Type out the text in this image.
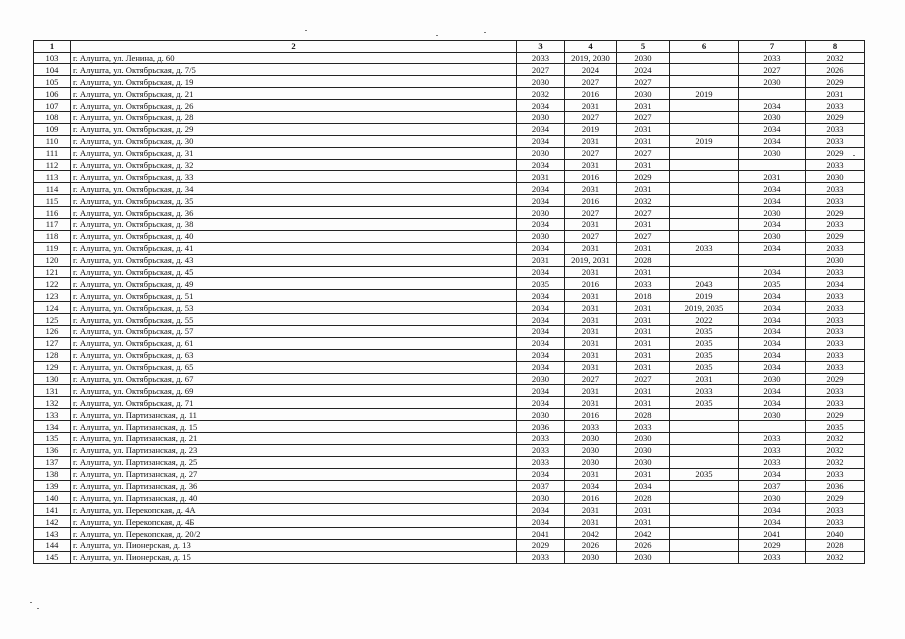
1	2	3	4	5	6	7	8
103	г. Алушта, ул. Ленина, д. 60	2033	2019, 2030	2030		2033	2032
104	г. Алушта, ул. Октябрьская, д. 7/5	2027	2024	2024		2027	2026
105	г. Алушта, ул. Октябрьская, д. 19	2030	2027	2027		2030	2029
106	г. Алушта, ул. Октябрьская, д. 21	2032	2016	2030	2019		2031
107	г. Алушта, ул. Октябрьская, д. 26	2034	2031	2031		2034	2033
108	г. Алушта, ул. Октябрьская, д. 28	2030	2027	2027		2030	2029
109	г. Алушта, ул. Октябрьская, д. 29	2034	2019	2031		2034	2033
110	г. Алушта, ул. Октябрьская, д. 30	2034	2031	2031	2019	2034	2033
111	г. Алушта, ул. Октябрьская, д. 31	2030	2027	2027		2030	2029
112	г. Алушта, ул. Октябрьская, д. 32	2034	2031	2031			2033
113	г. Алушта, ул. Октябрьская, д. 33	2031	2016	2029		2031	2030
114	г. Алушта, ул. Октябрьская, д. 34	2034	2031	2031		2034	2033
115	г. Алушта, ул. Октябрьская, д. 35	2034	2016	2032		2034	2033
116	г. Алушта, ул. Октябрьская, д. 36	2030	2027	2027		2030	2029
117	г. Алушта, ул. Октябрьская, д. 38	2034	2031	2031		2034	2033
118	г. Алушта, ул. Октябрьская, д. 40	2030	2027	2027		2030	2029
119	г. Алушта, ул. Октябрьская, д. 41	2034	2031	2031	2033	2034	2033
120	г. Алушта, ул. Октябрьская, д. 43	2031	2019, 2031	2028			2030
121	г. Алушта, ул. Октябрьская, д. 45	2034	2031	2031		2034	2033
122	г. Алушта, ул. Октябрьская, д. 49	2035	2016	2033	2043	2035	2034
123	г. Алушта, ул. Октябрьская, д. 51	2034	2031	2018	2019	2034	2033
124	г. Алушта, ул. Октябрьская, д. 53	2034	2031	2031	2019, 2035	2034	2033
125	г. Алушта, ул. Октябрьская, д. 55	2034	2031	2031	2022	2034	2033
126	г. Алушта, ул. Октябрьская, д. 57	2034	2031	2031	2035	2034	2033
127	г. Алушта, ул. Октябрьская, д. 61	2034	2031	2031	2035	2034	2033
128	г. Алушта, ул. Октябрьская, д. 63	2034	2031	2031	2035	2034	2033
129	г. Алушта, ул. Октябрьская, д. 65	2034	2031	2031	2035	2034	2033
130	г. Алушта, ул. Октябрьская, д. 67	2030	2027	2027	2031	2030	2029
131	г. Алушта, ул. Октябрьская, д. 69	2034	2031	2031	2033	2034	2033
132	г. Алушта, ул. Октябрьская, д. 71	2034	2031	2031	2035	2034	2033
133	г. Алушта, ул. Партизанская, д. 11	2030	2016	2028		2030	2029
134	г. Алушта, ул. Партизанская, д. 15	2036	2033	2033			2035
135	г. Алушта, ул. Партизанская, д. 21	2033	2030	2030		2033	2032
136	г. Алушта, ул. Партизанская, д. 23	2033	2030	2030		2033	2032
137	г. Алушта, ул. Партизанская, д. 25	2033	2030	2030		2033	2032
138	г. Алушта, ул. Партизанская, д. 27	2034	2031	2031	2035	2034	2033
139	г. Алушта, ул. Партизанская, д. 36	2037	2034	2034		2037	2036
140	г. Алушта, ул. Партизанская, д. 40	2030	2016	2028		2030	2029
141	г. Алушта, ул. Перекопская, д. 4А	2034	2031	2031		2034	2033
142	г. Алушта, ул. Перекопская, д. 4Б	2034	2031	2031		2034	2033
143	г. Алушта, ул. Перекопская, д. 20/2	2041	2042	2042		2041	2040
144	г. Алушта, ул. Пионерская, д. 13	2029	2026	2026		2029	2028
145	г. Алушта, ул. Пионерская, д. 15	2033	2030	2030		2033	2032
